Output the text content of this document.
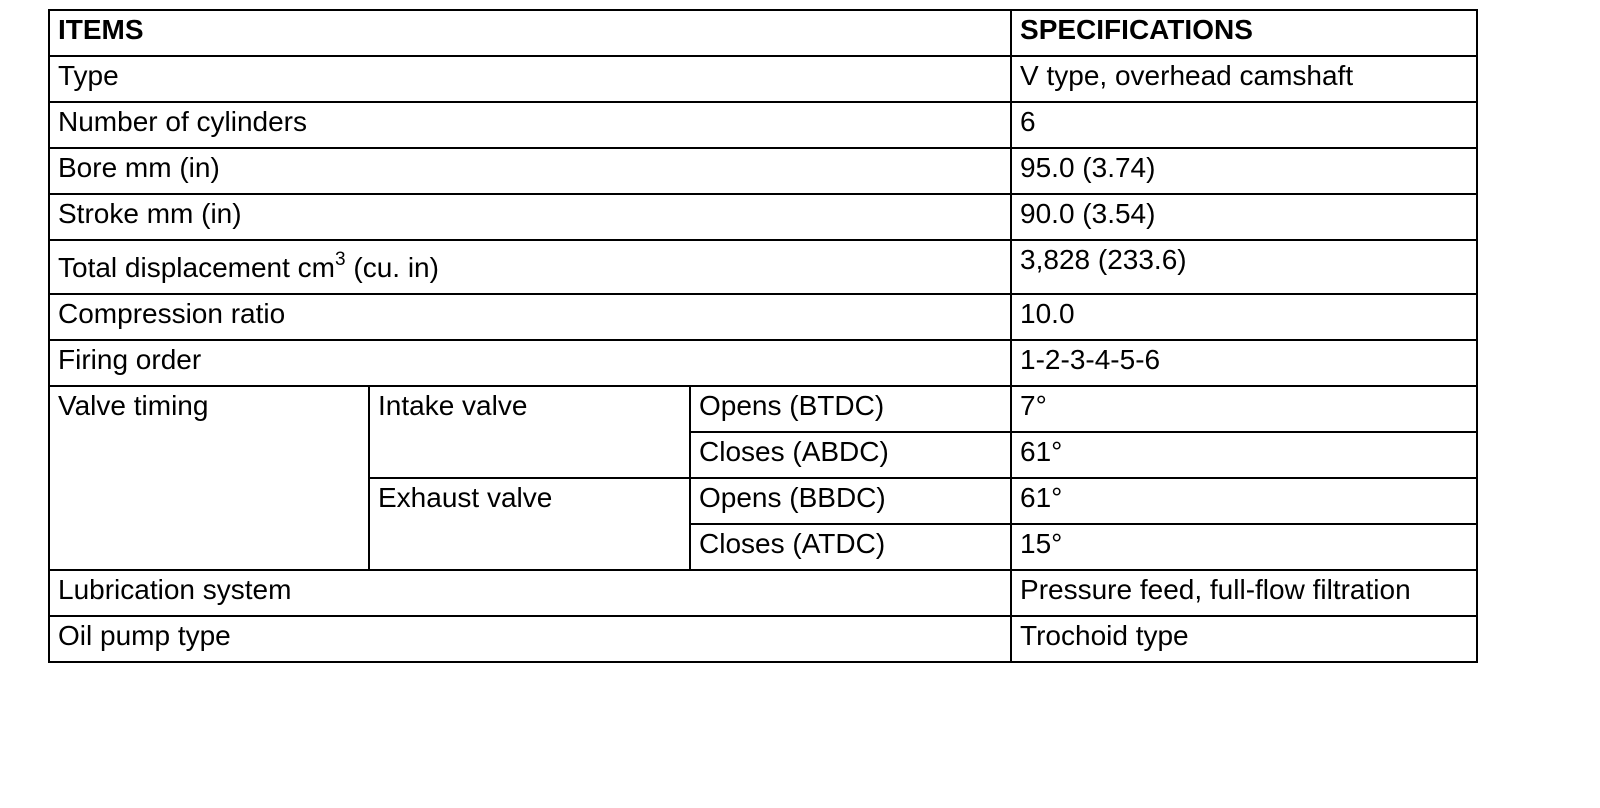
ITEMS			SPECIFICATIONS
Type			V type, overhead camshaft
Number of cylinders			6
Bore mm (in)			95.0 (3.74)
Stroke mm (in)			90.0 (3.54)
Total displacement $cm^3$ (cu. in)			3,828 (233.6)
Compression ratio			10.0
Firing order			1-2-3-4-5-6
Valve timing	Intake valve	Opens (BTDC)	7°
		Closes (ABDC)	61°
	Exhaust valve	Opens (BBDC)	61°
		Closes (ATDC)	15°
Lubrication system			Pressure feed, full-flow filtration
Oil pump type			Trochoid type
